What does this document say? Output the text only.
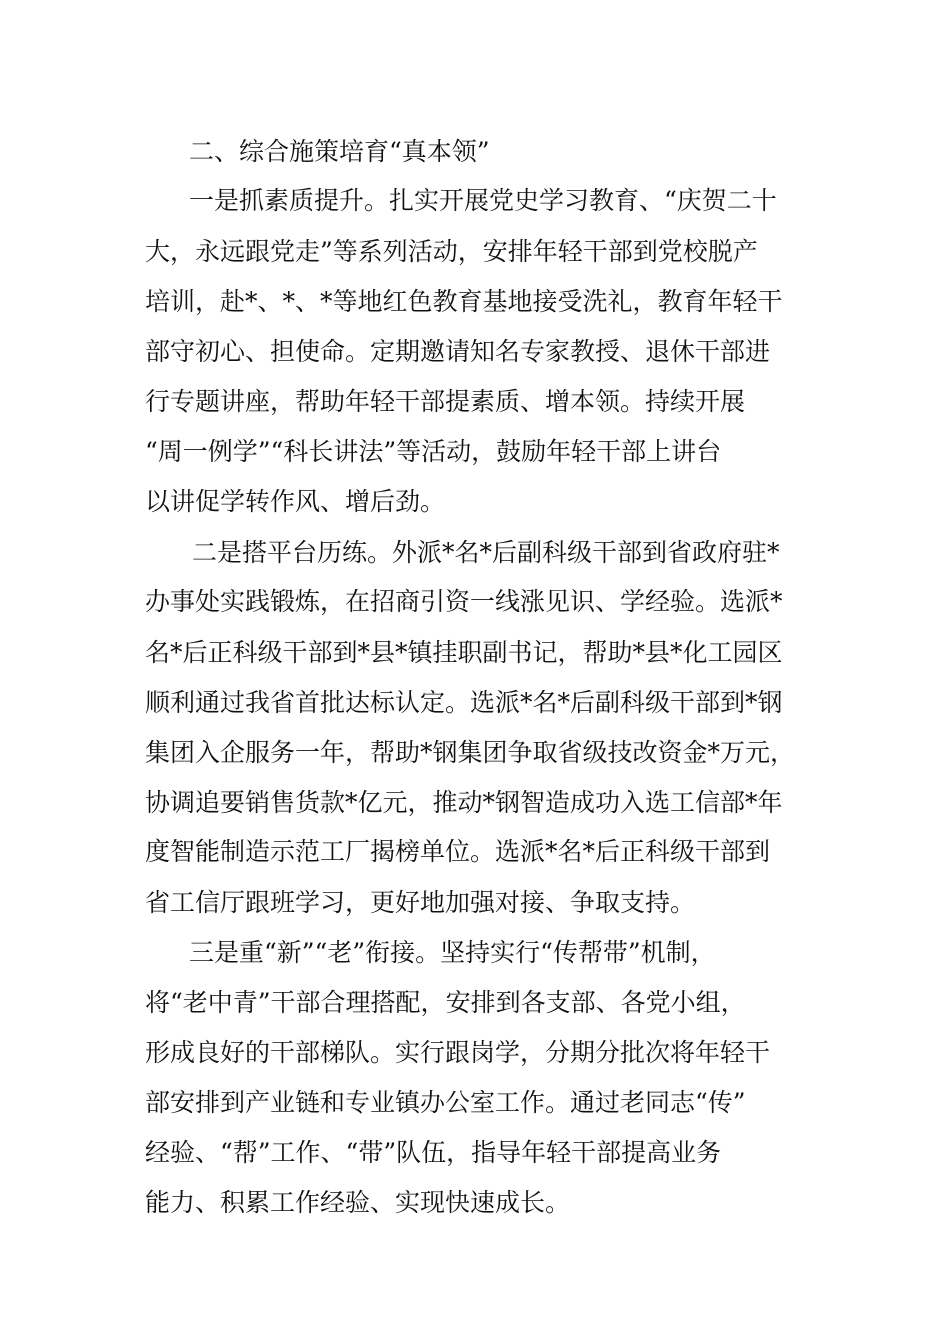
二、综合施策培育“真本领”

一是抓素质提升。扎实开展党史学习教育、“庆贺二十

大，永远跟党走”等系列活动，安排年轻干部到党校脱产

培训，赴*、*、*等地红色教育基地接受洗礼，教育年轻干

部守初心、担使命。定期邀请知名专家教授、退休干部进

行专题讲座，帮助年轻干部提素质、增本领。持续开展

“周一例学”“科长讲法”等活动，鼓励年轻干部上讲台

以讲促学转作风、增后劲。

二是搭平台历练。外派*名*后副科级干部到省政府驻*

办事处实践锻炼，在招商引资一线涨见识、学经验。选派*

名*后正科级干部到*县*镇挂职副书记，帮助*县*化工园区

顺利通过我省首批达标认定。选派*名*后副科级干部到*钢

集团入企服务一年，帮助*钢集团争取省级技改资金*万元，

协调追要销售货款*亿元，推动*钢智造成功入选工信部*年

度智能制造示范工厂揭榜单位。选派*名*后正科级干部到

省工信厅跟班学习，更好地加强对接、争取支持。

三是重“新”“老”衔接。坚持实行“传帮带”机制，

将“老中青”干部合理搭配，安排到各支部、各党小组，

形成良好的干部梯队。实行跟岗学，分期分批次将年轻干

部安排到产业链和专业镇办公室工作。通过老同志“传”

经验、“帮”工作、“带”队伍，指导年轻干部提高业务

能力、积累工作经验、实现快速成长。
